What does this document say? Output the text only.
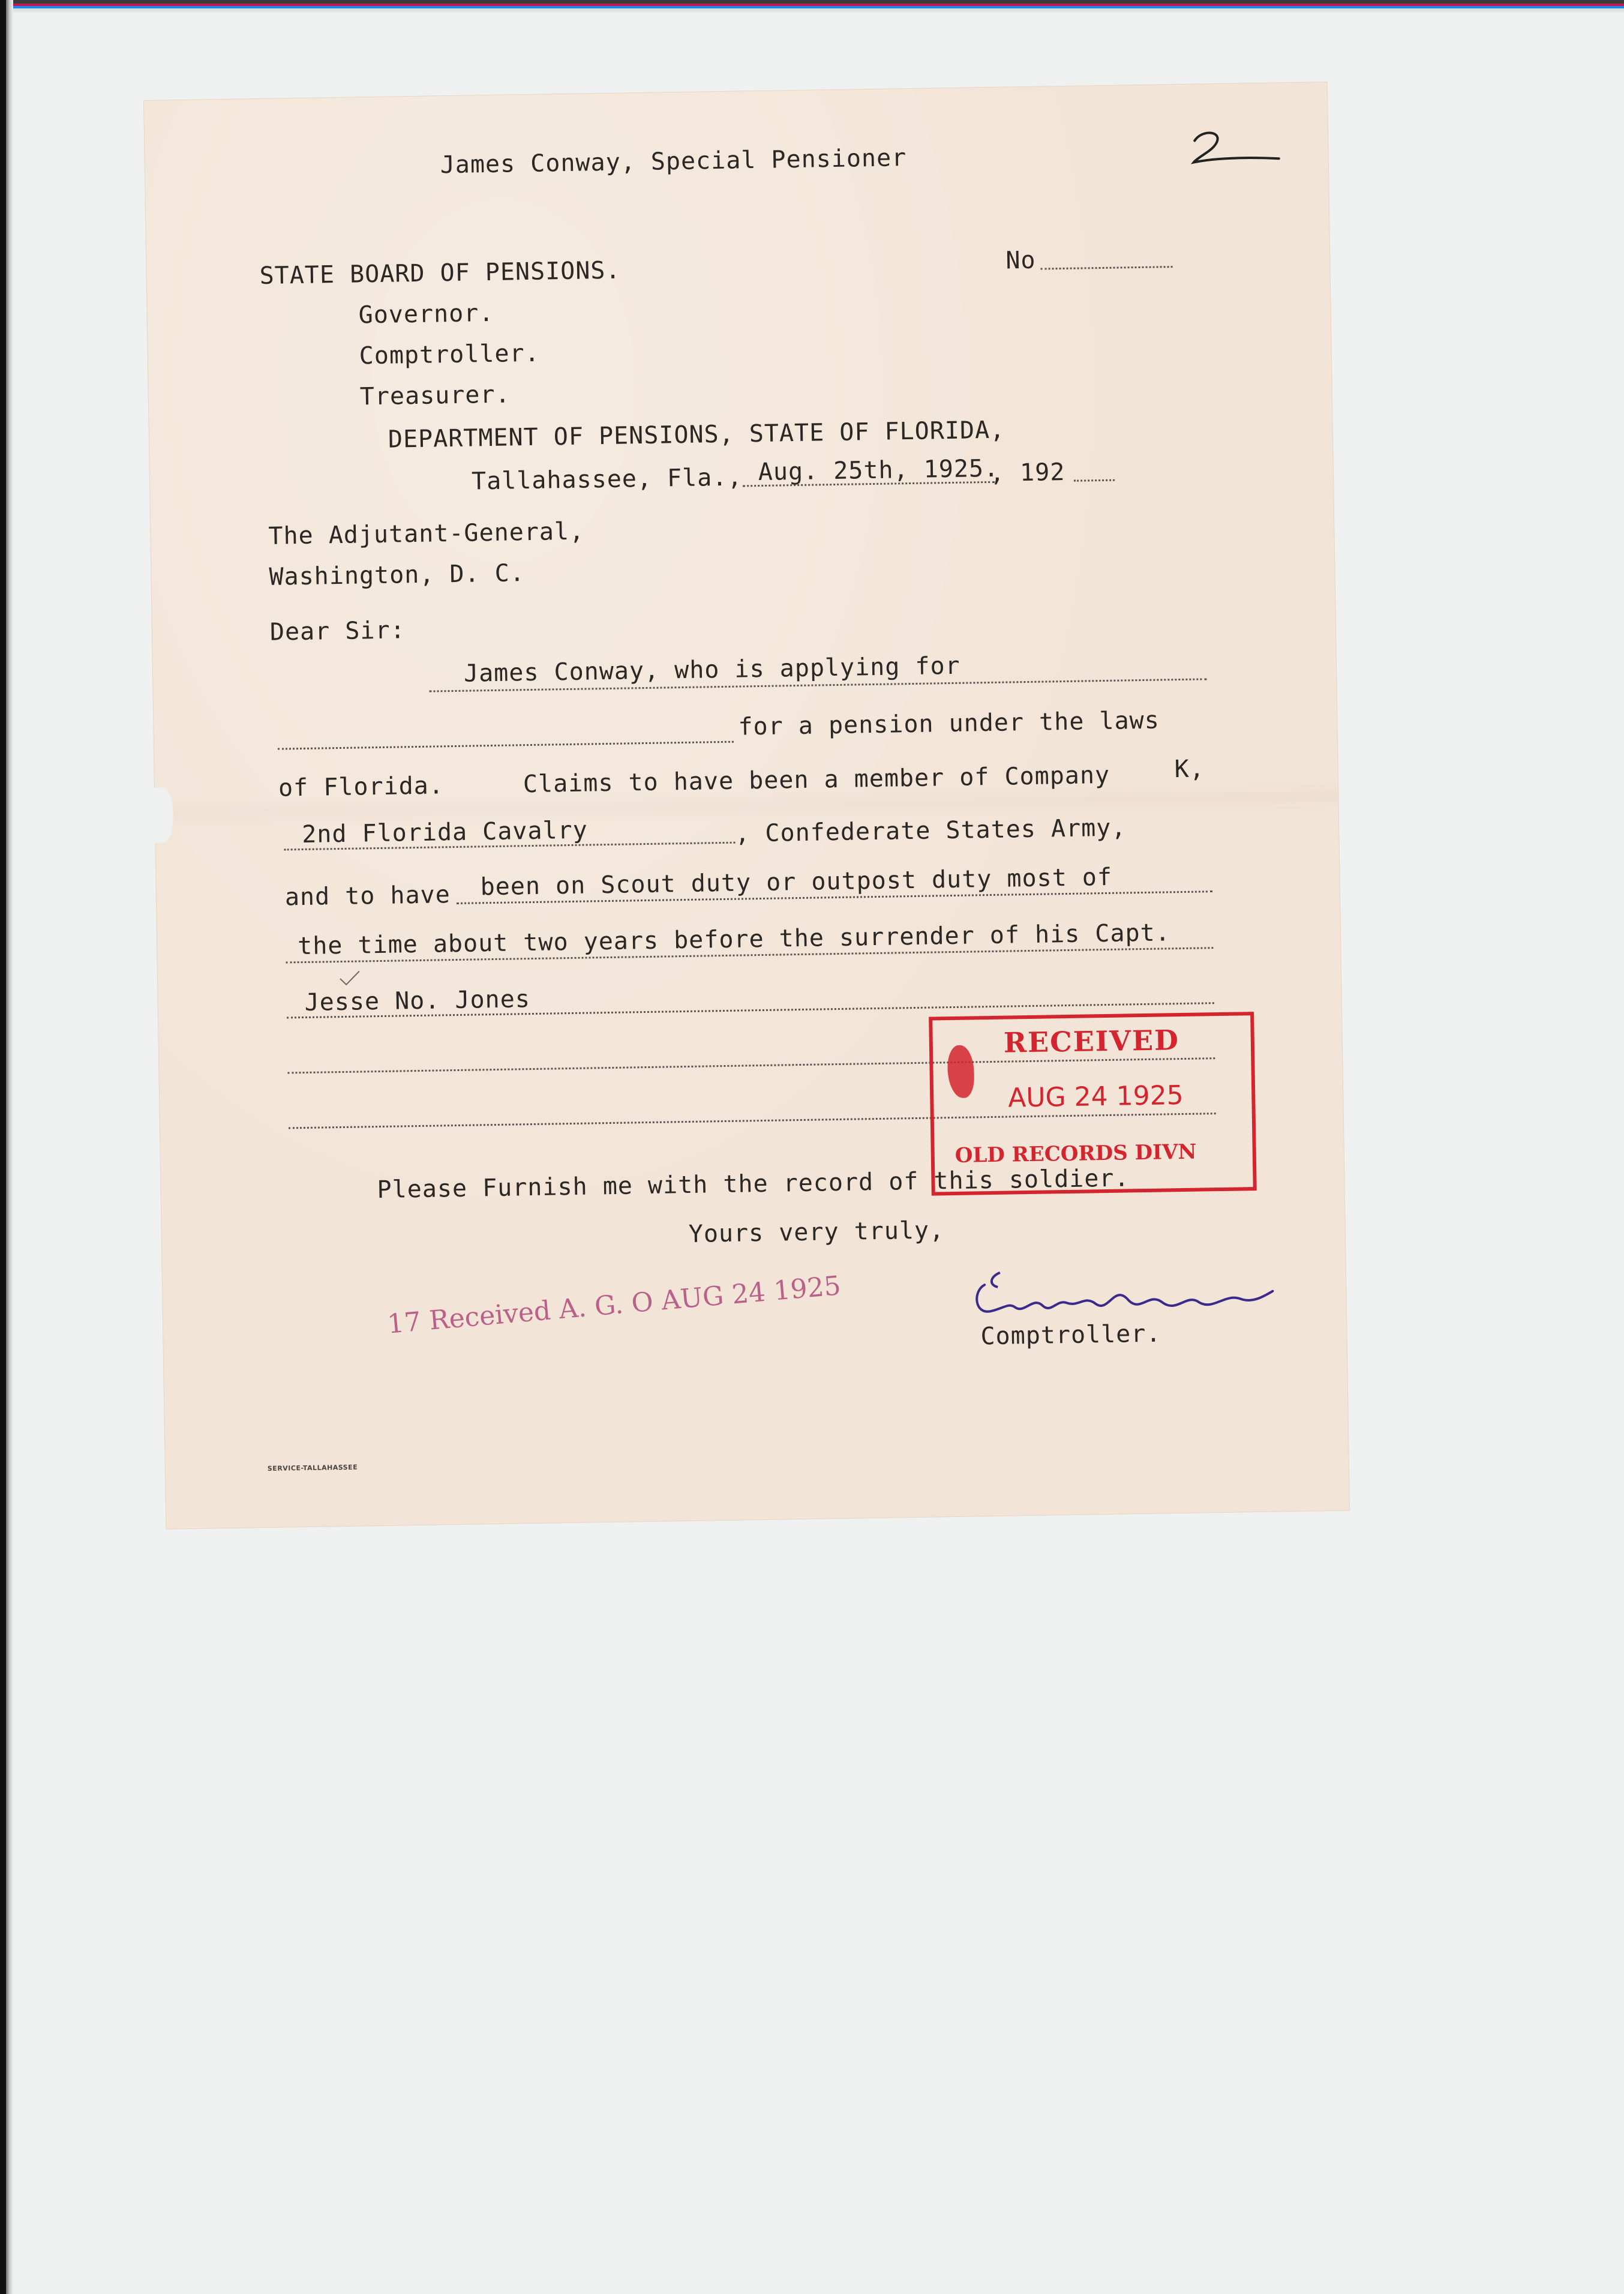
James Conway, Special Pensioner
No
STATE BOARD OF PENSIONS.
Governor.
Comptroller.
Treasurer.
DEPARTMENT OF PENSIONS, STATE OF FLORIDA,
Tallahassee, Fla., Aug. 25th, 1925.
, 192
The Adjutant-General,
Washington, D. C.
Dear Sir:
James Conway, who is applying for
for a pension under the laws
of Florida.	Claims to have been a member of Company	K,
2nd Florida Cavalry	, Confederate States Army,
and to have been on Scout duty or outpost duty most of
the time about two years before the surrender of his Capt.
Jesse No. Jones
RECEIVED
AUG 24 1925
OLD RECORDS DIVN
Please Furnish me with the record of this soldier.
Yours very truly,
17 Received A. G. O AUG 24 1925	Comptroller.
SERVICE-TALLAHASSEE
